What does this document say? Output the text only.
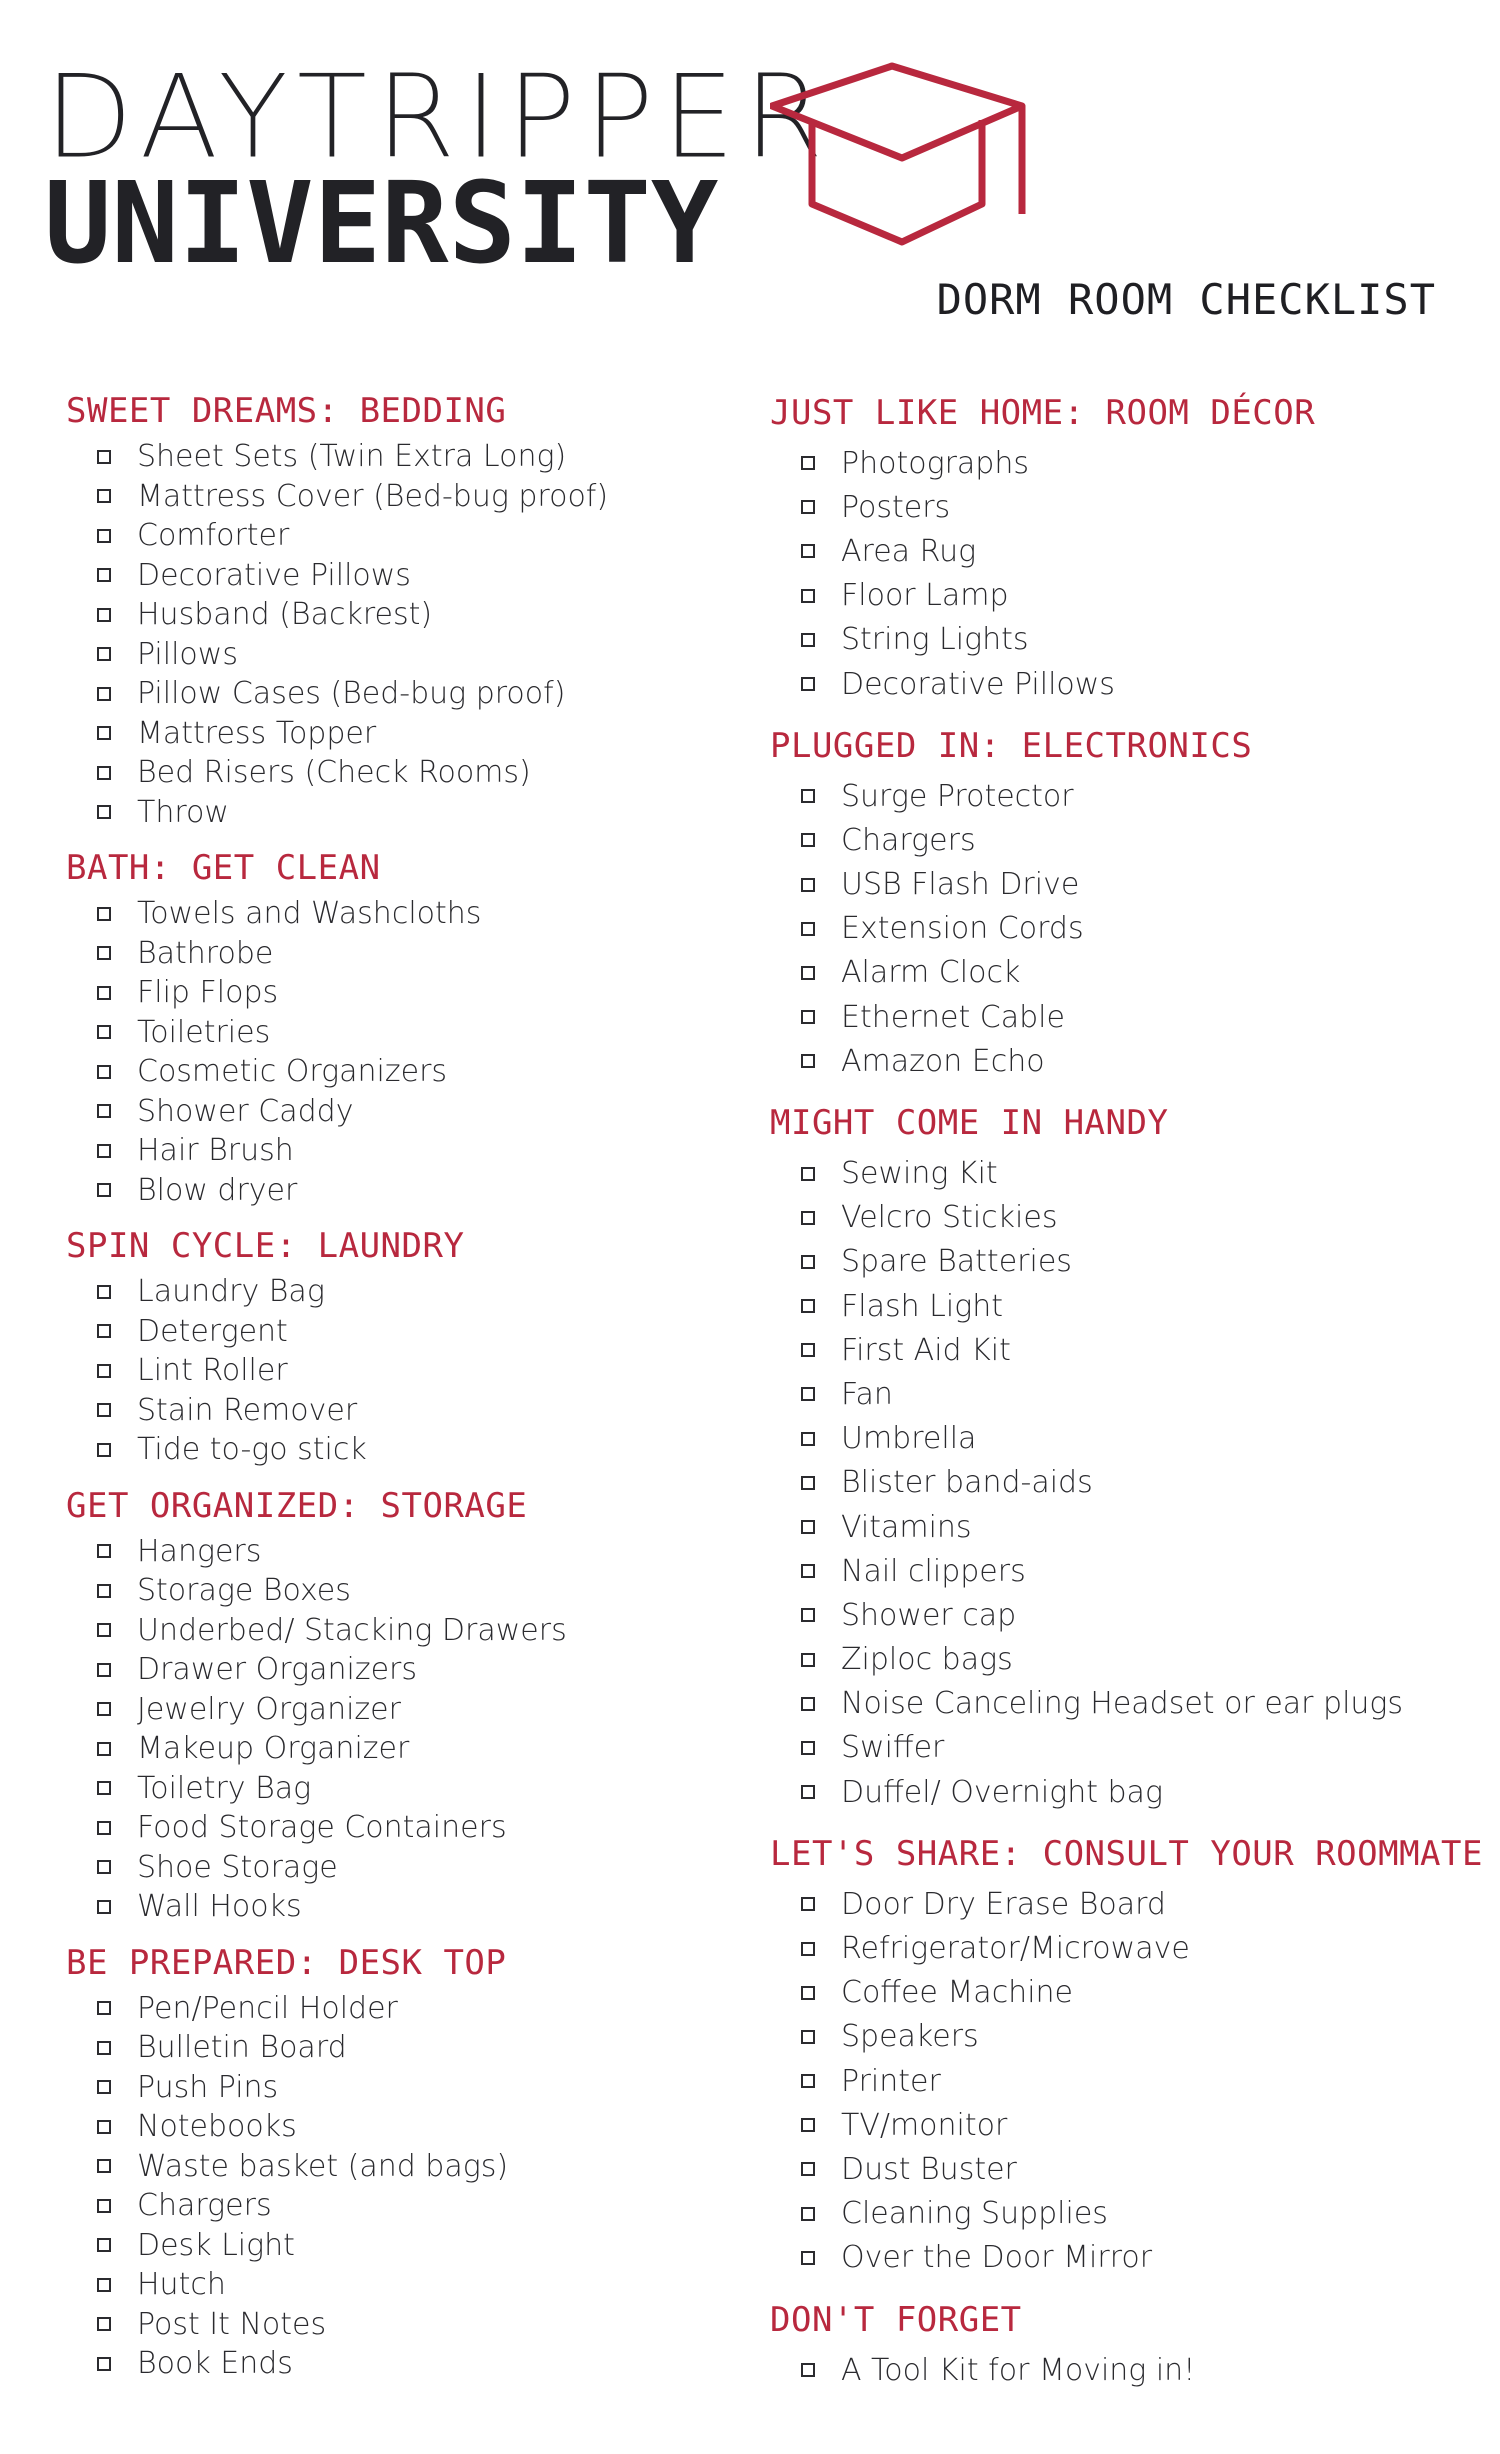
DAYTRIPPER
UNIVERSITY
DORM ROOM CHECKLIST
SWEET DREAMS: BEDDING
Sheet Sets (Twin Extra Long)
Mattress Cover (Bed-bug proof)
Comforter
Decorative Pillows
Husband (Backrest)
Pillows
Pillow Cases (Bed-bug proof)
Mattress Topper
Bed Risers (Check Rooms)
Throw
BATH: GET CLEAN
Towels and Washcloths
Bathrobe
Flip Flops
Toiletries
Cosmetic Organizers
Shower Caddy
Hair Brush
Blow dryer
SPIN CYCLE: LAUNDRY
Laundry Bag
Detergent
Lint Roller
Stain Remover
Tide to-go stick
GET ORGANIZED: STORAGE
Hangers
Storage Boxes
Underbed/ Stacking Drawers
Drawer Organizers
Jewelry Organizer
Makeup Organizer
Toiletry Bag
Food Storage Containers
Shoe Storage
Wall Hooks
BE PREPARED: DESK TOP
Pen/Pencil Holder
Bulletin Board
Push Pins
Notebooks
Waste basket (and bags)
Chargers
Desk Light
Hutch
Post It Notes
Book Ends
JUST LIKE HOME: ROOM DÉCOR
Photographs
Posters
Area Rug
Floor Lamp
String Lights
Decorative Pillows
PLUGGED IN: ELECTRONICS
Surge Protector
Chargers
USB Flash Drive
Extension Cords
Alarm Clock
Ethernet Cable
Amazon Echo
MIGHT COME IN HANDY
Sewing Kit
Velcro Stickies
Spare Batteries
Flash Light
First Aid Kit
Fan
Umbrella
Blister band-aids
Vitamins
Nail clippers
Shower cap
Ziploc bags
Noise Canceling Headset or ear plugs
Swiffer
Duffel/ Overnight bag
LET'S SHARE: CONSULT YOUR ROOMMATE
Door Dry Erase Board
Refrigerator/Microwave
Coffee Machine
Speakers
Printer
TV/monitor
Dust Buster
Cleaning Supplies
Over the Door Mirror
DON'T FORGET
A Tool Kit for Moving in!
